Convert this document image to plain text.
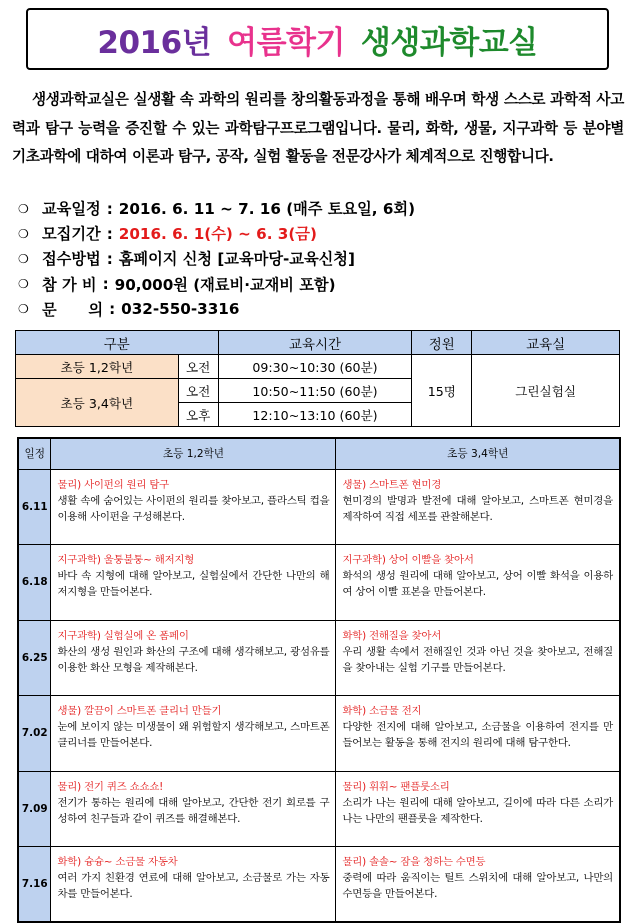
2016년 여름학기 생생과학교실

생생과학교실은 실생활 속 과학의 원리를 창의활동과정을 통해 배우며 학생 스스로 과학적 사고력과 탐구 능력을 증진할 수 있는 과학탐구프로그램입니다. 물리, 화학, 생물, 지구과학 등 분야별 기초과학에 대하여 이론과 탐구, 공작, 실험 활동을 전문강사가 체계적으로 진행합니다.

❍ 교육일정 : 2016. 6. 11 ~ 7. 16 (매주 토요일, 6회)
❍ 모집기간 : 2016. 6. 1(수) ~ 6. 3(금)
❍ 접수방법 : 홈페이지 신청 [교육마당-교육신청]
❍ 참 가 비 : 90,000원 (재료비·교재비 포함)
❍ 문      의 : 032-550-3316
구분		교육시간	정원	교육실
초등 1,2학년	오전	09:30~10:30 (60분)	15명	그린실험실
초등 3,4학년	오전	10:50~11:50 (60분)		
	오후	12:10~13:10 (60분)		
일정	초등 1,2학년	초등 3,4학년
6.11	물리) 사이펀의 원리 탐구
생활 속에 숨어있는 사이펀의 원리를 찾아보고, 플라스틱 컵을 이용해 사이펀을 구성해본다.	생물) 스마트폰 현미경
현미경의 발명과 발전에 대해 알아보고, 스마트폰 현미경을 제작하여 직접 세포를 관찰해본다.

6.18	지구과학) 울퉁불퉁~ 해저지형
바다 속 지형에 대해 알아보고, 실험실에서 간단한 나만의 해저지형을 만들어본다.	지구과학) 상어 이빨을 찾아서
화석의 생성 원리에 대해 알아보고, 상어 이빨 화석을 이용하여 상어 이빨 표본을 만들어본다.

6.25	지구과학) 실험실에 온 폼페이
화산의 생성 원인과 화산의 구조에 대해 생각해보고, 광섬유를 이용한 화산 모형을 제작해본다.	화학) 전해질을 찾아서
우리 생활 속에서 전해질인 것과 아닌 것을 찾아보고, 전해질을 찾아내는 실험 기구를 만들어본다.

7.02	생물) 깔끔이 스마트폰 클리너 만들기
눈에 보이지 않는 미생물이 왜 위험할지 생각해보고, 스마트폰 클리너를 만들어본다.	화학) 소금물 전지
다양한 전지에 대해 알아보고, 소금물을 이용하여 전지를 만들어보는 활동을 통해 전지의 원리에 대해 탐구한다.

7.09	물리) 전기 퀴즈 쇼쇼쇼!
전기가 통하는 원리에 대해 알아보고, 간단한 전기 회로를 구성하여 친구들과 같이 퀴즈를 해결해본다.	물리) 휘휘~ 팬플룻소리
소리가 나는 원리에 대해 알아보고, 길이에 따라 다른 소리가 나는 나만의 팬플룻을 제작한다.

7.16	화학) 슝슝~ 소금물 자동차
여러 가지 친환경 연료에 대해 알아보고, 소금물로 가는 자동차를 만들어본다.	물리) 솔솔~ 잠을 청하는 수면등
중력에 따라 움직이는 틸트 스위치에 대해 알아보고, 나만의 수면등을 만들어본다.
